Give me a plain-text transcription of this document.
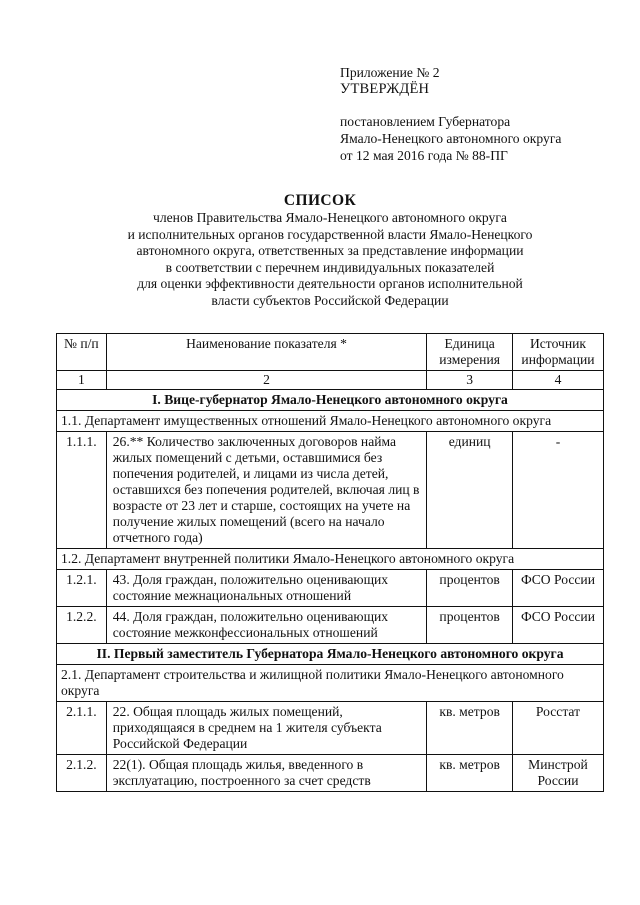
Приложение № 2
УТВЕРЖДЁН
постановлением Губернатора
Ямало-Ненецкого автономного округа
от 12 мая 2016 года № 88-ПГ
СПИСОК
членов Правительства Ямало-Ненецкого автономного округа
и исполнительных органов государственной власти Ямало-Ненецкого
автономного округа, ответственных за представление информации
в соответствии с перечнем индивидуальных показателей
для оценки эффективности деятельности органов исполнительной
власти субъектов Российской Федерации
№ п/п	Наименование показателя *	Единица измерения	Источник информации
1	2	3	4
I. Вице-губернатор Ямало-Ненецкого автономного округа			
1.1. Департамент имущественных отношений Ямало-Ненецкого автономного округа			
1.1.1.	26.** Количество заключенных договоров найма жилых помещений с детьми, оставшимися без попечения родителей, и лицами из числа детей, оставшихся без попечения родителей, включая лиц в возрасте от 23 лет и старше, состоящих на учете на получение жилых помещений (всего на начало отчетного года)	единиц	-
1.2. Департамент внутренней политики Ямало-Ненецкого автономного округа			
1.2.1.	43. Доля граждан, положительно оценивающих состояние межнациональных отношений	процентов	ФСО России
1.2.2.	44. Доля граждан, положительно оценивающих состояние межконфессиональных отношений	процентов	ФСО России
II. Первый заместитель Губернатора Ямало-Ненецкого автономного округа			
2.1. Департамент строительства и жилищной политики Ямало-Ненецкого автономного округа			
2.1.1.	22. Общая площадь жилых помещений, приходящаяся в среднем на 1 жителя субъекта Российской Федерации	кв. метров	Росстат
2.1.2.	22(1). Общая площадь жилья, введенного в эксплуатацию, построенного за счет средств	кв. метров	Минстрой России
